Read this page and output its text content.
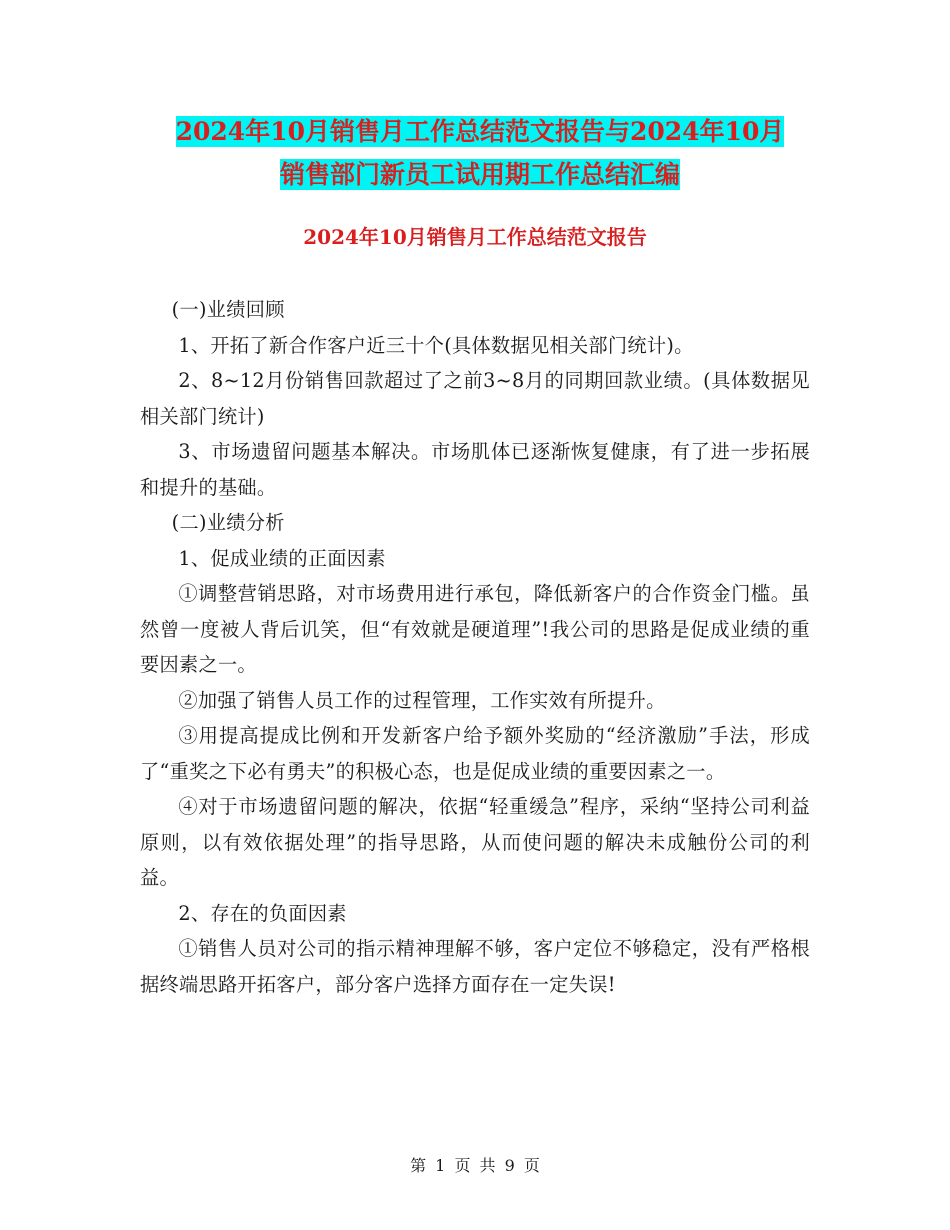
2024年10月销售月工作总结范文报告与2024年10月
销售部门新员工试用期工作总结汇编
2024年10月销售月工作总结范文报告

(一)业绩回顾

1、开拓了新合作客户近三十个(具体数据见相关部门统计)。

2、8~12月份销售回款超过了之前3~8月的同期回款业绩。(具体数据见相关部门统计)

3、市场遗留问题基本解决。市场肌体已逐渐恢复健康，有了进一步拓展和提升的基础。

(二)业绩分析

1、促成业绩的正面因素

①调整营销思路，对市场费用进行承包，降低新客户的合作资金门槛。虽然曾一度被人背后讥笑，但“有效就是硬道理”!我公司的思路是促成业绩的重要因素之一。

②加强了销售人员工作的过程管理，工作实效有所提升。

③用提高提成比例和开发新客户给予额外奖励的“经济激励”手法，形成了“重奖之下必有勇夫”的积极心态，也是促成业绩的重要因素之一。

④对于市场遗留问题的解决，依据“轻重缓急”程序，采纳“坚持公司利益原则，以有效依据处理”的指导思路，从而使问题的解决未成触份公司的利益。

2、存在的负面因素

①销售人员对公司的指示精神理解不够，客户定位不够稳定，没有严格根据终端思路开拓客户，部分客户选择方面存在一定失误!

第 1 页 共 9 页
